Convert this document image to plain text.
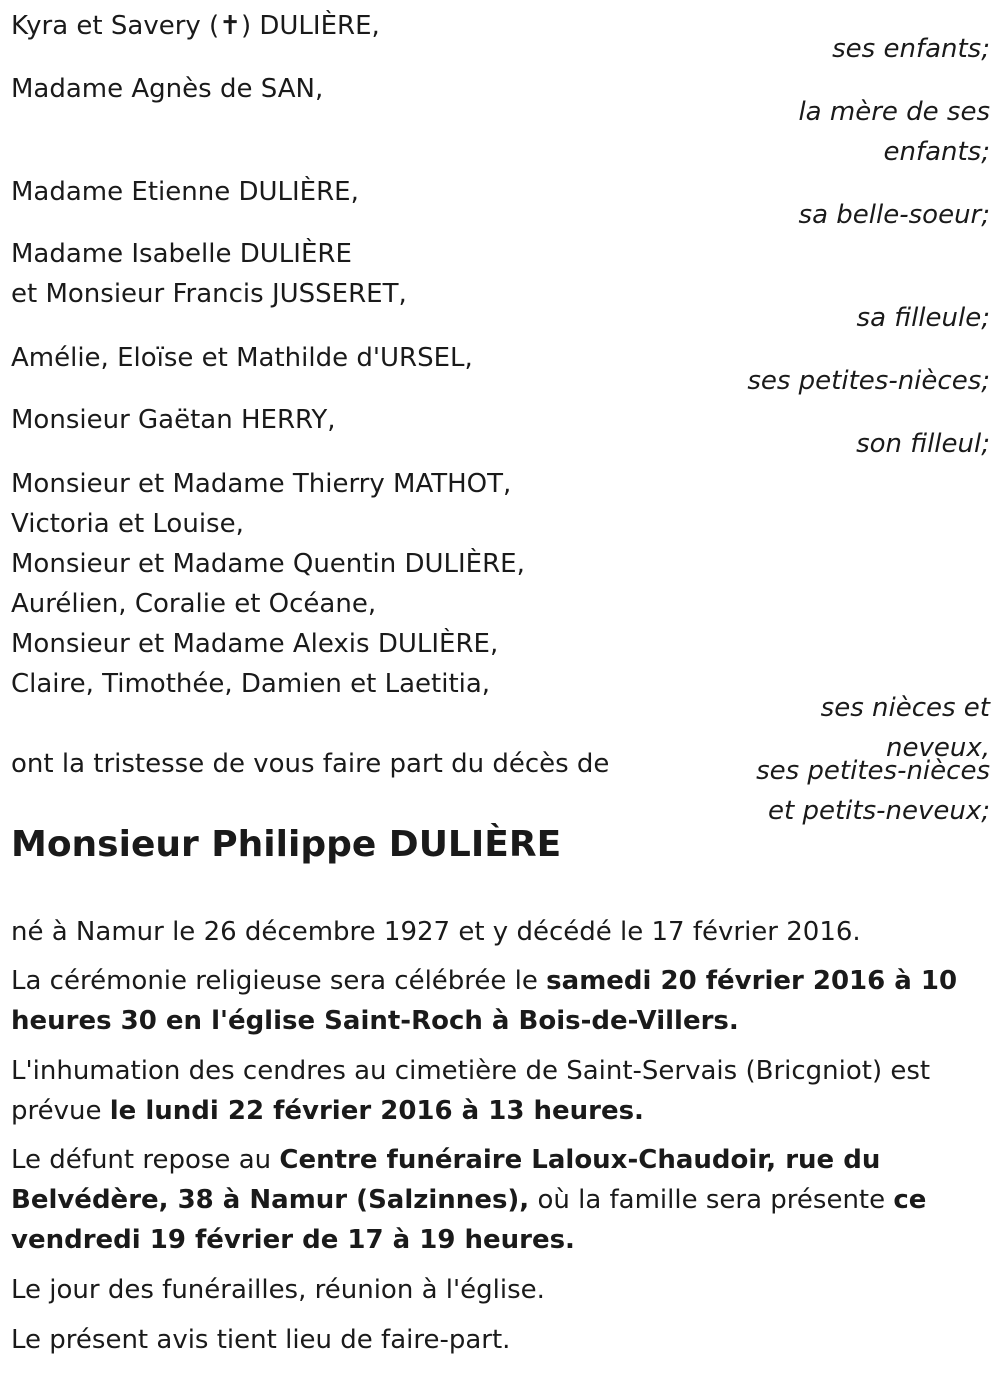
Kyra et Savery (✝) DULIÈRE,
ses enfants;
Madame Agnès de SAN,
la mère de ses
enfants;
Madame Etienne DULIÈRE,
sa belle-soeur;
Madame Isabelle DULIÈRE
et Monsieur Francis JUSSERET,
sa filleule;
Amélie, Eloïse et Mathilde d'URSEL,
ses petites-nièces;
Monsieur Gaëtan HERRY,
son filleul;
Monsieur et Madame Thierry MATHOT,
Victoria et Louise,
Monsieur et Madame Quentin DULIÈRE,
Aurélien, Coralie et Océane,
Monsieur et Madame Alexis DULIÈRE,
Claire, Timothée, Damien et Laetitia,
ses nièces et
neveux,
ses petites-nièces
et petits-neveux;
ont la tristesse de vous faire part du décès de
Monsieur Philippe DULIÈRE
né à Namur le 26 décembre 1927 et y décédé le 17 février 2016.
La cérémonie religieuse sera célébrée le samedi 20 février 2016 à 10 heures 30 en l'église Saint-Roch à Bois-de-Villers.
L'inhumation des cendres au cimetière de Saint-Servais (Bricgniot) est prévue le lundi 22 février 2016 à 13 heures.
Le défunt repose au Centre funéraire Laloux-Chaudoir, rue du Belvédère, 38 à Namur (Salzinnes), où la famille sera présente ce vendredi 19 février de 17 à 19 heures.
Le jour des funérailles, réunion à l'église.
Le présent avis tient lieu de faire-part.
